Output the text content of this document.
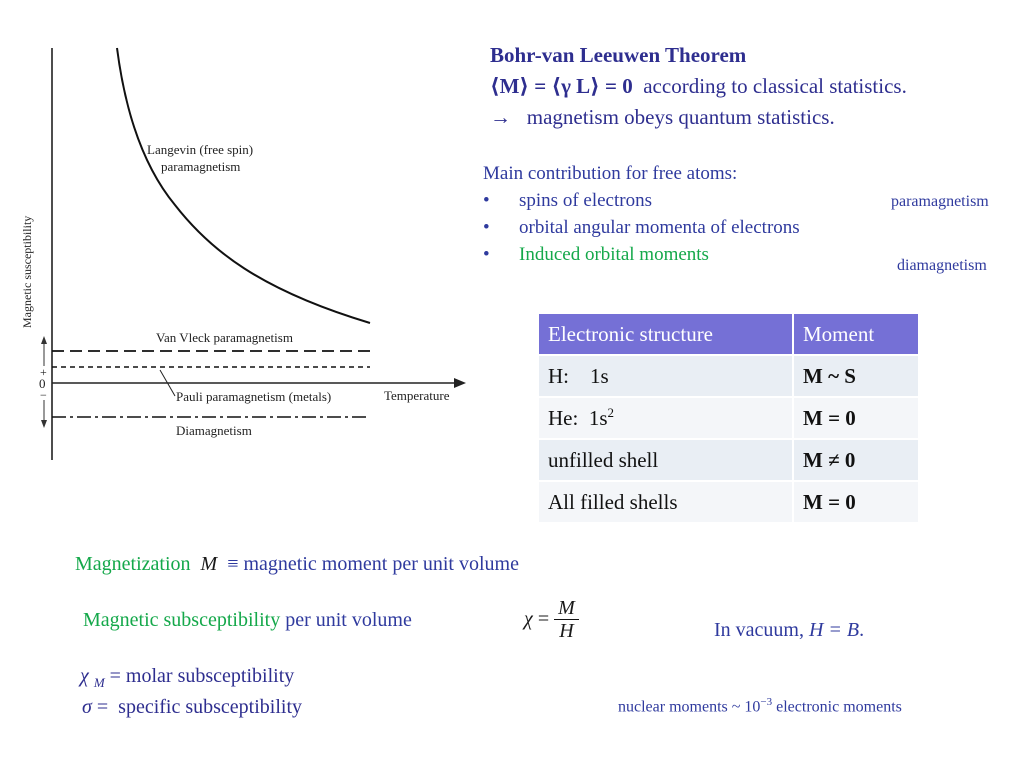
Magnetic susceptibility
+
0
−
Langevin (free spin)
paramagnetism
Van Vleck paramagnetism
Pauli paramagnetism (metals)
Diamagnetism
Temperature
Bohr-van Leeuwen Theorem
⟨M⟩ = ⟨γ L⟩ = 0 according to classical statistics.
→ magnetism obeys quantum statistics.
Main contribution for free atoms:
• spins of electrons
• orbital angular momenta of electrons
• Induced orbital moments
paramagnetism
diamagnetism
Electronic structure	Moment
H:    1s	M ~ S
He:  $1s^2$	M = 0
unfilled shell	M ≠ 0
All filled shells	M = 0
Magnetization M ≡ magnetic moment per unit volume
Magnetic subsceptibility per unit volume	$\chi = \frac{M}{H}$	In vacuum, H = B.
χ $_M$ = molar subsceptibility
σ =  specific subsceptibility	nuclear moments ~ $10^{-3}$ electronic moments
